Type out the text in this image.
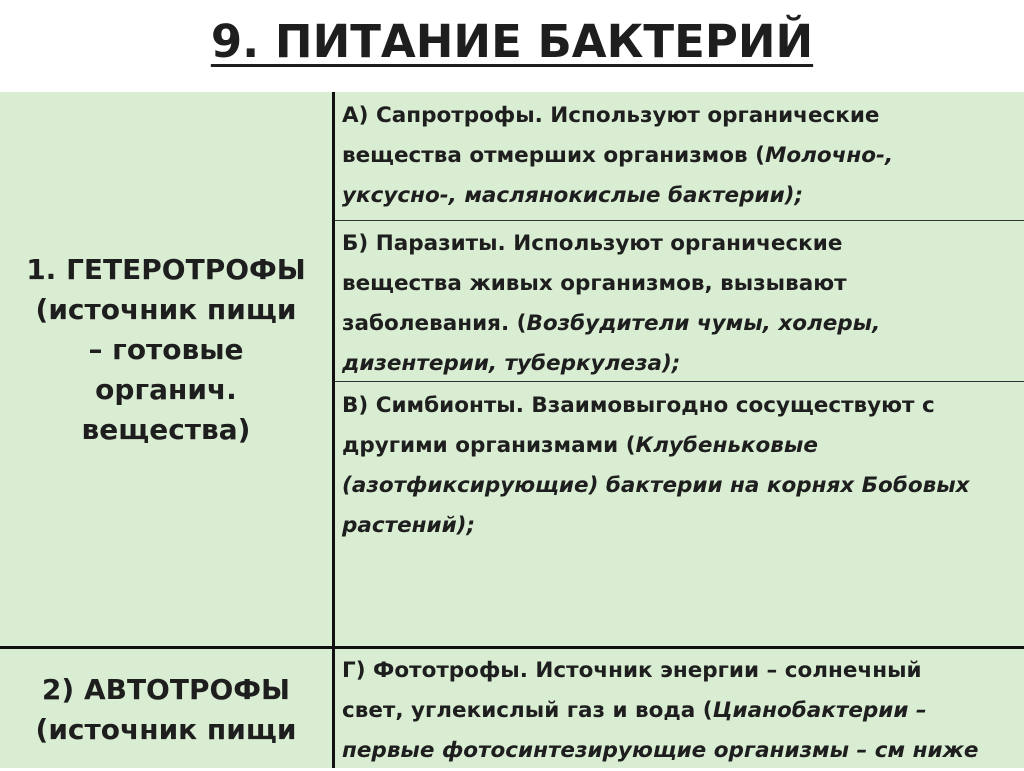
9. ПИТАНИЕ БАКТЕРИЙ
1. ГЕТЕРОТРОФЫ
(источник пищи
– готовые
органич.
вещества)
2) АВТОТРОФЫ
(источник пищи
А) Сапротрофы. Используют органические
вещества отмерших организмов (Молочно-,
уксусно-, маслянокислые бактерии);
Б) Паразиты. Используют органические
вещества живых организмов, вызывают
заболевания. (Возбудители чумы, холеры,
дизентерии, туберкулеза);
В) Симбионты. Взаимовыгодно сосуществуют с
другими организмами (Клубеньковые
(азотфиксирующие) бактерии на корнях Бобовых
растений);
Г) Фототрофы. Источник энергии – солнечный
свет, углекислый газ и вода (Цианобактерии –
первые фотосинтезирующие организмы – см ниже
